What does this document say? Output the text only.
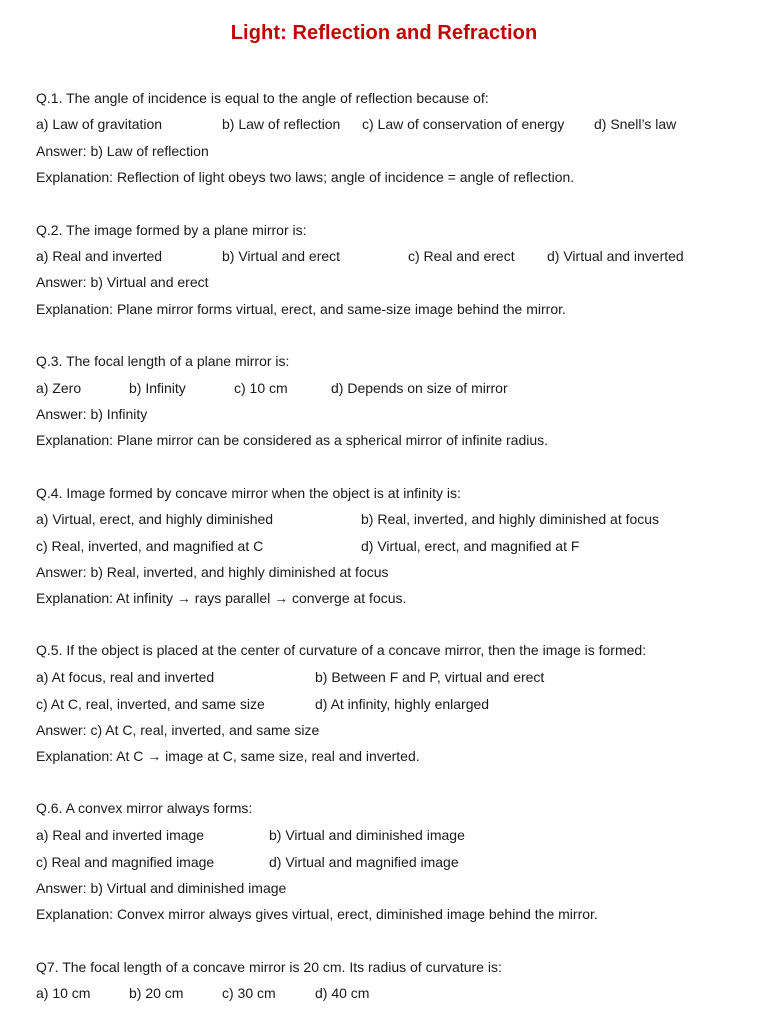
Light: Reflection and Refraction
Q.1. The angle of incidence is equal to the angle of reflection because of:
a) Law of gravitation	b) Law of reflection c) Law of conservation of energy d) Snell’s law
Answer: b) Law of reflection
Explanation: Reflection of light obeys two laws; angle of incidence = angle of reflection.
Q.2. The image formed by a plane mirror is:
a) Real and inverted	b) Virtual and erect	c) Real and erect d) Virtual and inverted
Answer: b) Virtual and erect
Explanation: Plane mirror forms virtual, erect, and same-size image behind the mirror.
Q.3. The focal length of a plane mirror is:
a) Zero	b) Infinity	c) 10 cm	d) Depends on size of mirror
Answer: b) Infinity
Explanation: Plane mirror can be considered as a spherical mirror of infinite radius.
Q.4. Image formed by concave mirror when the object is at infinity is:
a) Virtual, erect, and highly diminished	b) Real, inverted, and highly diminished at focus
c) Real, inverted, and magnified at C	d) Virtual, erect, and magnified at F
Answer: b) Real, inverted, and highly diminished at focus
Explanation: At infinity → rays parallel → converge at focus.
Q.5. If the object is placed at the center of curvature of a concave mirror, then the image is formed:
a) At focus, real and inverted	b) Between F and P, virtual and erect
c) At C, real, inverted, and same size	d) At infinity, highly enlarged
Answer: c) At C, real, inverted, and same size
Explanation: At C → image at C, same size, real and inverted.
Q.6. A convex mirror always forms:
a) Real and inverted image	b) Virtual and diminished image
c) Real and magnified image	d) Virtual and magnified image
Answer: b) Virtual and diminished image
Explanation: Convex mirror always gives virtual, erect, diminished image behind the mirror.
Q7. The focal length of a concave mirror is 20 cm. Its radius of curvature is:
a) 10 cm	b) 20 cm	c) 30 cm	d) 40 cm
